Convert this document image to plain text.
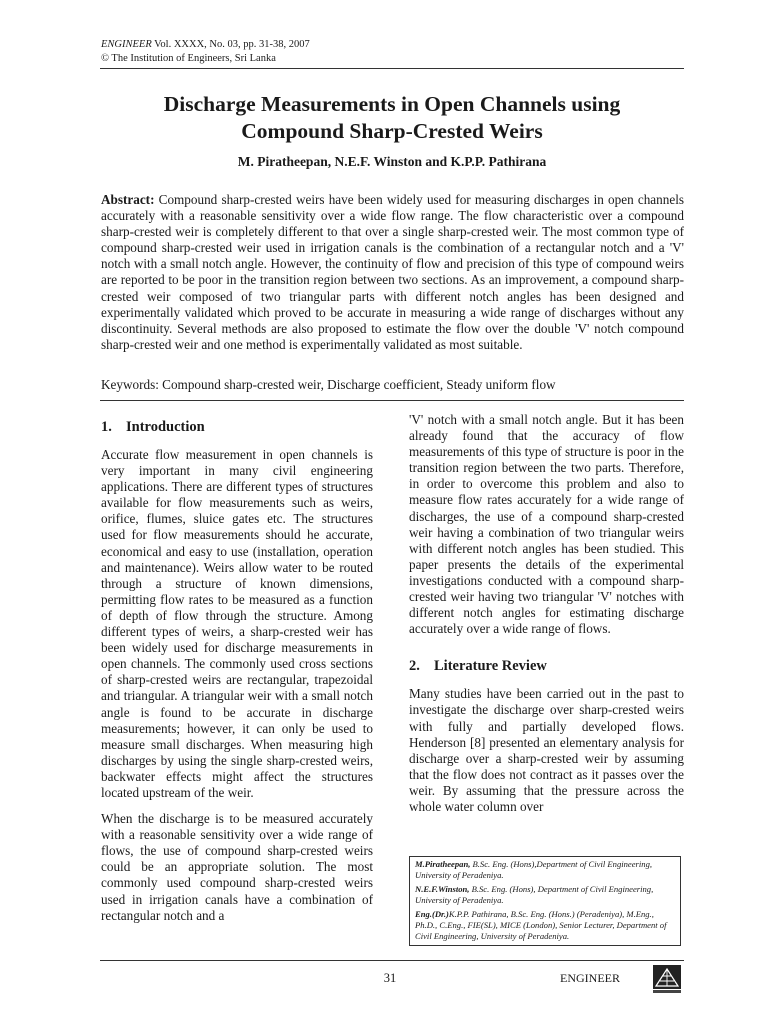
ENGINEER Vol. XXXX, No. 03, pp. 31-38, 2007
© The Institution of Engineers, Sri Lanka
Discharge Measurements in Open Channels using
Compound Sharp-Crested Weirs
M. Piratheepan, N.E.F. Winston and K.P.P. Pathirana
Abstract: Compound sharp-crested weirs have been widely used for measuring discharges in open channels accurately with a reasonable sensitivity over a wide flow range. The flow characteristic over a compound sharp-crested weir is completely different to that over a single sharp-crested weir. The most common type of compound sharp-crested weir used in irrigation canals is the combination of a rectangular notch and a 'V' notch with a small notch angle. However, the continuity of flow and precision of this type of compound weirs are reported to be poor in the transition region between two sections. As an improvement, a compound sharp-crested weir composed of two triangular parts with different notch angles has been designed and experimentally validated which proved to be accurate in measuring a wide range of discharges without any discontinuity. Several methods are also proposed to estimate the flow over the double 'V' notch compound sharp-crested weir and one method is experimentally validated as most suitable.
Keywords: Compound sharp-crested weir, Discharge coefficient, Steady uniform flow
1. Introduction

Accurate flow measurement in open channels is very important in many civil engineering applications. There are different types of structures available for flow measurements such as weirs, orifice, flumes, sluice gates etc. The structures used for flow measurements should he accurate, economical and easy to use (installation, operation and maintenance). Weirs allow water to be routed through a structure of known dimensions, permitting flow rates to be measured as a function of depth of flow through the structure. Among different types of weirs, a sharp-crested weir has been widely used for discharge measurements in open channels. The commonly used cross sections of sharp-crested weirs are rectangular, trapezoidal and triangular. A triangular weir with a small notch angle is found to be accurate in discharge measurements; however, it can only be used to measure small discharges. When measuring high discharges by using the single sharp-crested weirs, backwater effects might affect the structures located upstream of the weir.

When the discharge is to be measured accurately with a reasonable sensitivity over a wide range of flows, the use of compound sharp-crested weirs could be an appropriate solution. The most commonly used compound sharp-crested weirs used in irrigation canals have a combination of rectangular notch and a

'V' notch with a small notch angle. But it has been already found that the accuracy of flow measurements of this type of structure is poor in the transition region between the two parts. Therefore, in order to overcome this problem and also to measure flow rates accurately for a wide range of discharges, the use of a compound sharp-crested weir having a combination of two triangular weirs with different notch angles has been studied. This paper presents the details of the experimental investigations conducted with a compound sharp-crested weir having two triangular 'V' notches with different notch angles for estimating discharge accurately over a wide range of flows.

2. Literature Review

Many studies have been carried out in the past to investigate the discharge over sharp-crested weirs with fully and partially developed flows. Henderson [8] presented an elementary analysis for discharge over a sharp-crested weir by assuming that the flow does not contract as it passes over the weir. By assuming that the pressure across the whole water column over

M.Piratheepan, B.Sc. Eng. (Hons),Department of Civil Engineering, University of Peradeniya.
N.E.F.Winston, B.Sc. Eng. (Hons), Department of Civil Engineering, University of Peradeniya.
Eng.(Dr.)K.P.P. Pathirana, B.Sc. Eng. (Hons.) (Peradeniya), M.Eng., Ph.D., C.Eng., FIE(SL), MICE (London), Senior Lecturer, Department of Civil Engineering, University of Peradeniya.
31	ENGINEER
